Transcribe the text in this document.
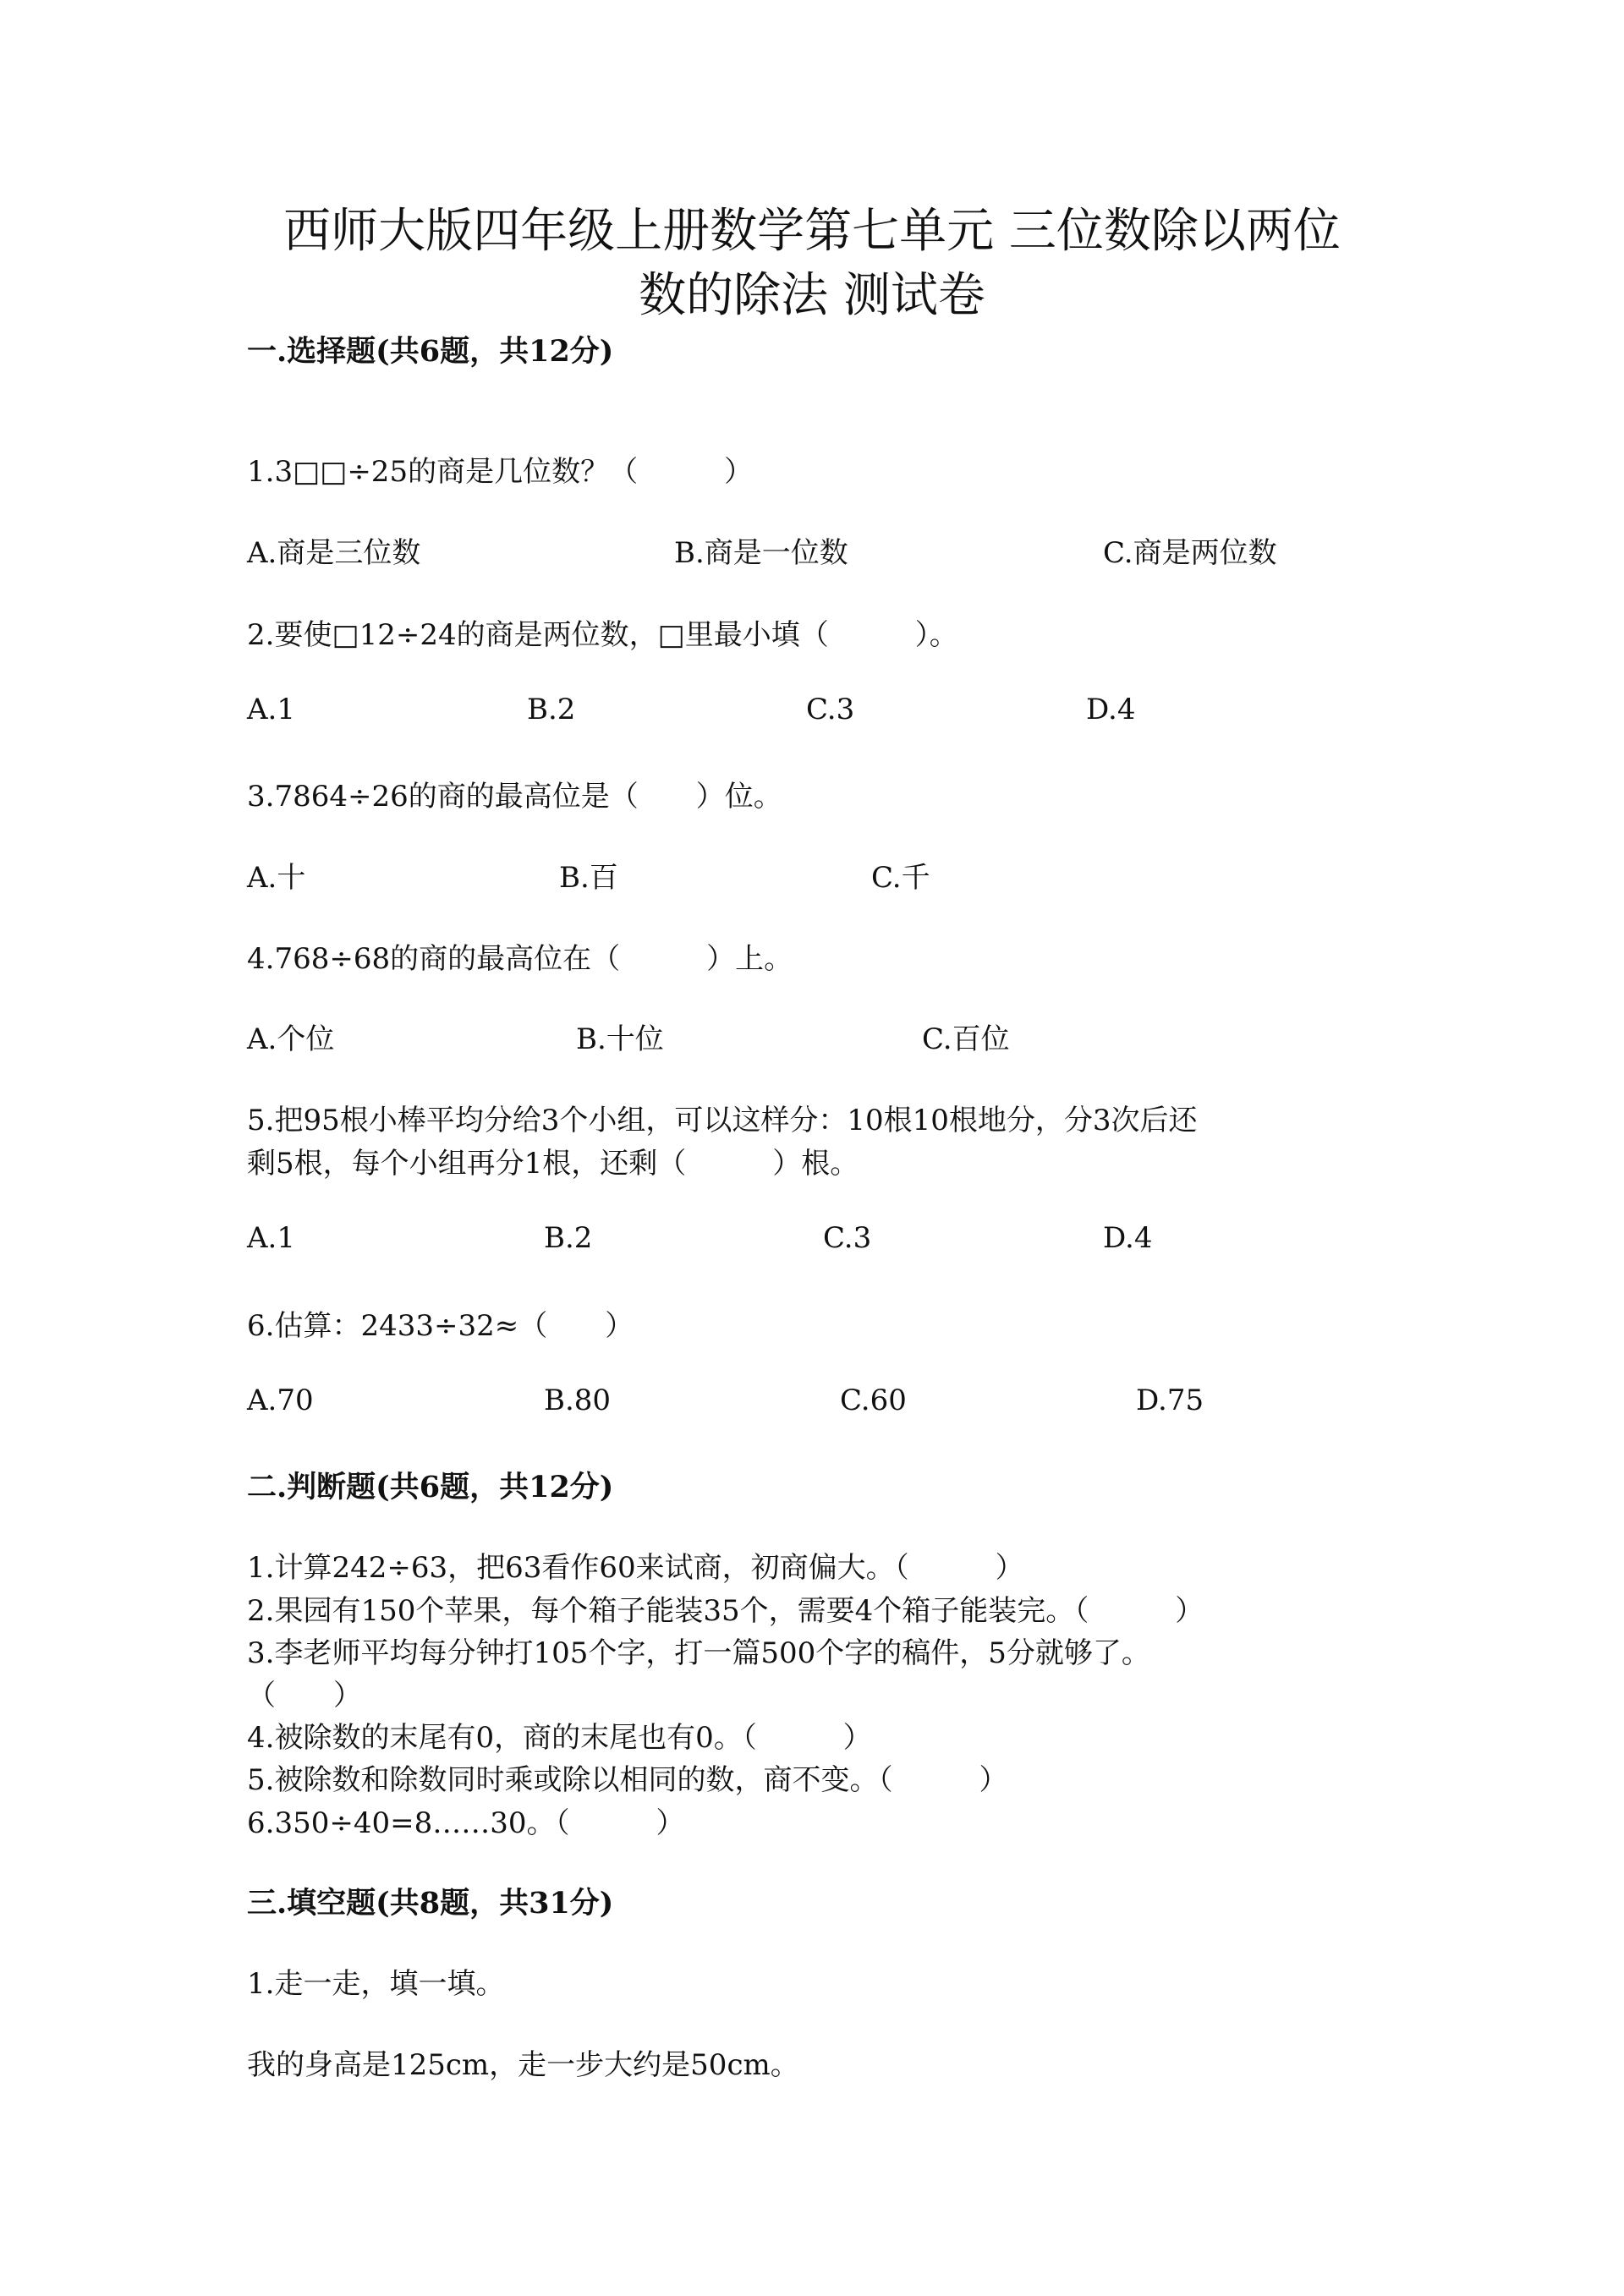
西师大版四年级上册数学第七单元 三位数除以两位
数的除法 测试卷

一.选择题(共6题，共12分)

1.3□□÷25的商是几位数？（　　　）

A.商是三位数	B.商是一位数	C.商是两位数

2.要使□12÷24的商是两位数，□里最小填（　　　）。

A.1	B.2	C.3	D.4

3.7864÷26的商的最高位是（　　）位。

A.十	B.百	C.千

4.768÷68的商的最高位在（　　　）上。

A.个位	B.十位	C.百位

5.把95根小棒平均分给3个小组，可以这样分：10根10根地分，分3次后还

剩5根，每个小组再分1根，还剩（　　　）根。

A.1	B.2	C.3	D.4

6.估算：2433÷32≈（　　）

A.70	B.80	C.60	D.75

二.判断题(共6题，共12分)

1.计算242÷63，把63看作60来试商，初商偏大。（　　　）

2.果园有150个苹果，每个箱子能装35个，需要4个箱子能装完。（　　　）

3.李老师平均每分钟打105个字，打一篇500个字的稿件，5分就够了。

（　　）

4.被除数的末尾有0，商的末尾也有0。（　　　）

5.被除数和除数同时乘或除以相同的数，商不变。（　　　）

6.350÷40=8……30。（　　　）

三.填空题(共8题，共31分)

1.走一走，填一填。

我的身高是125cm，走一步大约是50cm。
